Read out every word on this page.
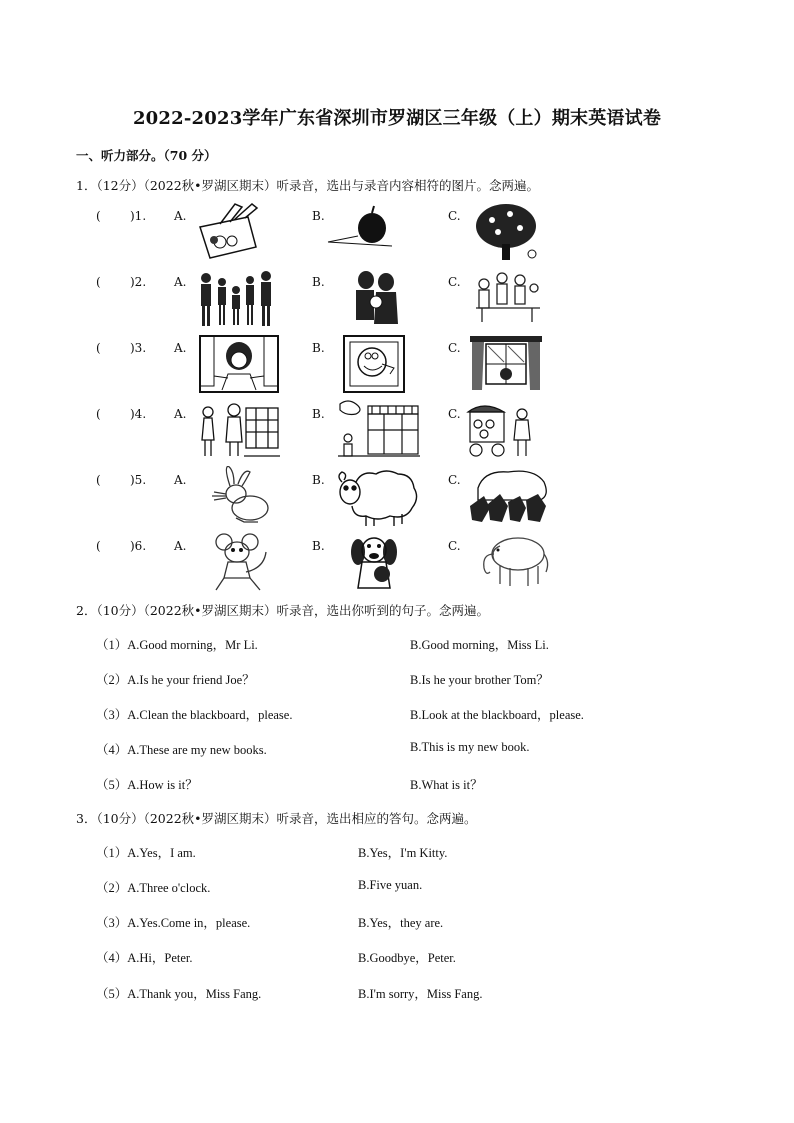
2022-2023学年广东省深圳市罗湖区三年级（上）期末英语试卷
一、听力部分。（70 分）
1．（12分）（2022秋•罗湖区期末）听录音，选出与录音内容相符的图片。念两遍。
( )1. A.	B.	C.
( )2. A.	B.	C.
( )3. A.	B.	C.
( )4. A.	B.	C.
( )5. A.	B.	C.
( )6. A.	B.	C.
2．（10分）（2022秋•罗湖区期末）听录音，选出你听到的句子。念两遍。
（1）A.Good morning，Mr Li.	B.Good morning，Miss Li.
（2）A.Is he your friend Joe？	B.Is he your brother Tom？
（3）A.Clean the blackboard，please.	B.Look at the blackboard，please.
（4）A.These are my new books.	B.This is my new book.
（5）A.How is it？	B.What is it？
3．（10分）（2022秋•罗湖区期末）听录音，选出相应的答句。念两遍。
（1）A.Yes，I am.	B.Yes，I'm Kitty.
（2）A.Three o'clock.	B.Five yuan.
（3）A.Yes.Come in，please.	B.Yes，they are.
（4）A.Hi，Peter.	B.Goodbye，Peter.
（5）A.Thank you，Miss Fang.	B.I'm sorry，Miss Fang.
